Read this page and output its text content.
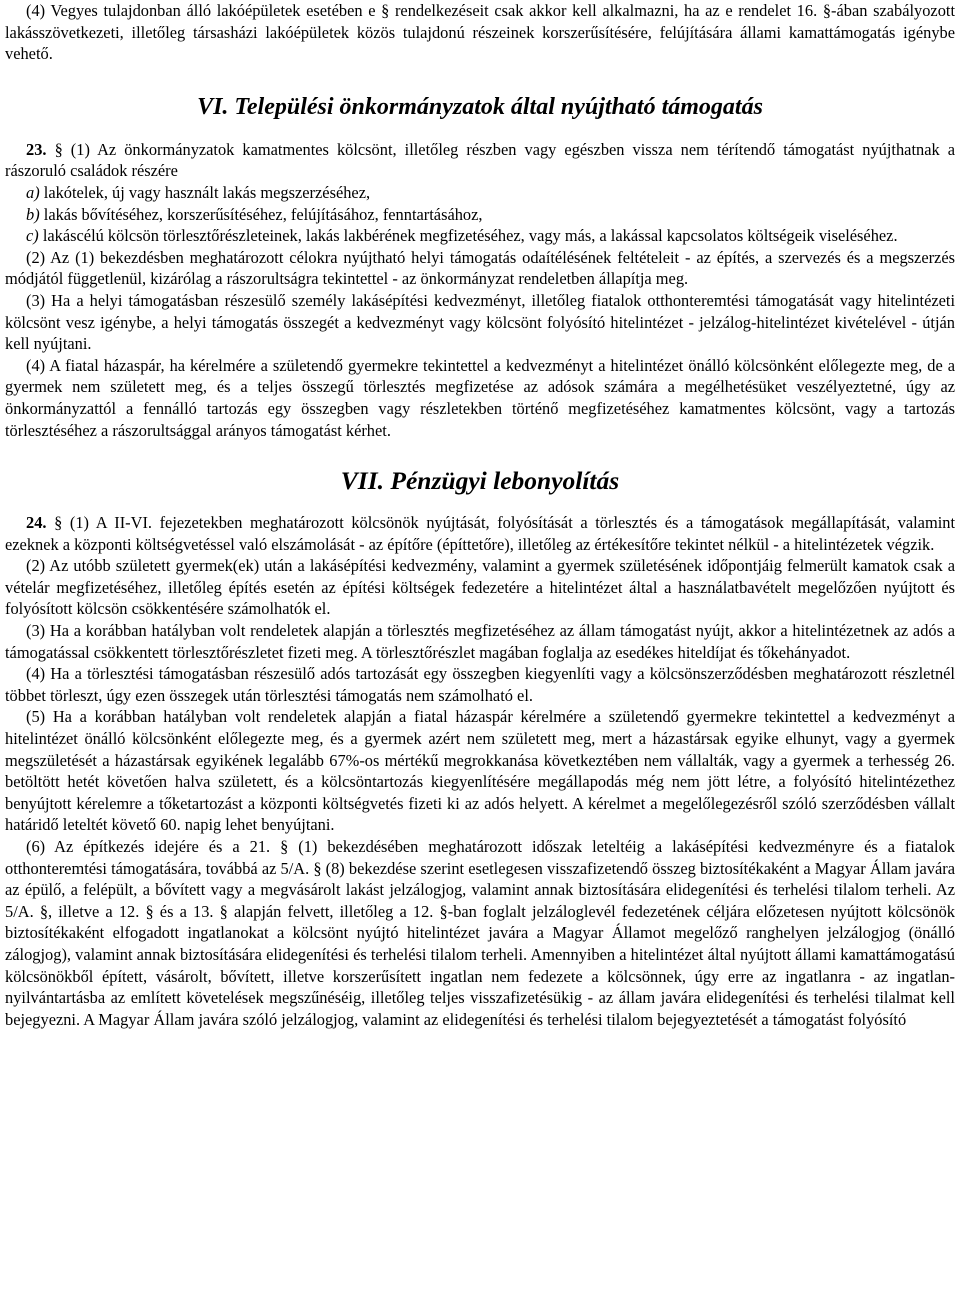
(4) Vegyes tulajdonban álló lakóépületek esetében e § rendelkezéseit csak akkor kell alkalmazni, ha az e rendelet 16. §-ában szabályozott lakásszövetkezeti, illetőleg társasházi lakóépületek közös tulajdonú részeinek korszerűsítésére, felújítására állami kamattámogatás igénybe vehető.

VI. Települési önkormányzatok által nyújtható támogatás

23. § (1) Az önkormányzatok kamatmentes kölcsönt, illetőleg részben vagy egészben vissza nem térítendő támogatást nyújthatnak a rászoruló családok részére

a) lakótelek, új vagy használt lakás megszerzéséhez,

b) lakás bővítéséhez, korszerűsítéséhez, felújításához, fenntartásához,

c) lakáscélú kölcsön törlesztőrészleteinek, lakás lakbérének megfizetéséhez, vagy más, a lakással kapcsolatos költségeik viseléséhez.

(2) Az (1) bekezdésben meghatározott célokra nyújtható helyi támogatás odaítélésének feltételeit - az építés, a szervezés és a megszerzés módjától függetlenül, kizárólag a rászorultságra tekintettel - az önkormányzat rendeletben állapítja meg.

(3) Ha a helyi támogatásban részesülő személy lakásépítési kedvezményt, illetőleg fiatalok otthonteremtési támogatását vagy hitelintézeti kölcsönt vesz igénybe, a helyi támogatás összegét a kedvezményt vagy kölcsönt folyósító hitelintézet - jelzálog-hitelintézet kivételével - útján kell nyújtani.

(4) A fiatal házaspár, ha kérelmére a születendő gyermekre tekintettel a kedvezményt a hitelintézet önálló kölcsönként előlegezte meg, de a gyermek nem született meg, és a teljes összegű törlesztés megfizetése az adósok számára a megélhetésüket veszélyeztetné, úgy az önkormányzattól a fennálló tartozás egy összegben vagy részletekben történő megfizetéséhez kamatmentes kölcsönt, vagy a tartozás törlesztéséhez a rászorultsággal arányos támogatást kérhet.

VII. Pénzügyi lebonyolítás

24. § (1) A II-VI. fejezetekben meghatározott kölcsönök nyújtását, folyósítását a törlesztés és a támogatások megállapítását, valamint ezeknek a központi költségvetéssel való elszámolását - az építőre (építtetőre), illetőleg az értékesítőre tekintet nélkül - a hitelintézetek végzik.

(2) Az utóbb született gyermek(ek) után a lakásépítési kedvezmény, valamint a gyermek születésének időpontjáig felmerült kamatok csak a vételár megfizetéséhez, illetőleg építés esetén az építési költségek fedezetére a hitelintézet által a használatbavételt megelőzően nyújtott és folyósított kölcsön csökkentésére számolhatók el.

(3) Ha a korábban hatályban volt rendeletek alapján a törlesztés megfizetéséhez az állam támogatást nyújt, akkor a hitelintézetnek az adós a támogatással csökkentett törlesztőrészletet fizeti meg. A törlesztőrészlet magában foglalja az esedékes hiteldíjat és tőkehányadot.

(4) Ha a törlesztési támogatásban részesülő adós tartozását egy összegben kiegyenlíti vagy a kölcsönszerződésben meghatározott részletnél többet törleszt, úgy ezen összegek után törlesztési támogatás nem számolható el.

(5) Ha a korábban hatályban volt rendeletek alapján a fiatal házaspár kérelmére a születendő gyermekre tekintettel a kedvezményt a hitelintézet önálló kölcsönként előlegezte meg, és a gyermek azért nem született meg, mert a házastársak egyike elhunyt, vagy a gyermek megszületését a házastársak egyikének legalább 67%-os mértékű megrokkanása következtében nem vállalták, vagy a gyermek a terhesség 26. betöltött hetét követően halva született, és a kölcsöntartozás kiegyenlítésére megállapodás még nem jött létre, a folyósító hitelintézethez benyújtott kérelemre a tőketartozást a központi költségvetés fizeti ki az adós helyett. A kérelmet a megelőlegezésről szóló szerződésben vállalt határidő leteltét követő 60. napig lehet benyújtani.

(6) Az építkezés idejére és a 21. § (1) bekezdésében meghatározott időszak leteltéig a lakásépítési kedvezményre és a fiatalok otthonteremtési támogatására, továbbá az 5/A. § (8) bekezdése szerint esetlegesen visszafizetendő összeg biztosítékaként a Magyar Állam javára az épülő, a felépült, a bővített vagy a megvásárolt lakást jelzálogjog, valamint annak biztosítására elidegenítési és terhelési tilalom terheli. Az 5/A. §, illetve a 12. § és a 13. § alapján felvett, illetőleg a 12. §-ban foglalt jelzáloglevél fedezetének céljára előzetesen nyújtott kölcsönök biztosítékaként elfogadott ingatlanokat a kölcsönt nyújtó hitelintézet javára a Magyar Államot megelőző ranghelyen jelzálogjog (önálló zálogjog), valamint annak biztosítására elidegenítési és terhelési tilalom terheli. Amennyiben a hitelintézet által nyújtott állami kamattámogatású kölcsönökből épített, vásárolt, bővített, illetve korszerűsített ingatlan nem fedezete a kölcsönnek, úgy erre az ingatlanra - az ingatlan-nyilvántartásba az említett követelések megszűnéséig, illetőleg teljes visszafizetésükig - az állam javára elidegenítési és terhelési tilalmat kell bejegyezni. A Magyar Állam javára szóló jelzálogjog, valamint az elidegenítési és terhelési tilalom bejegyeztetését a támogatást folyósító
